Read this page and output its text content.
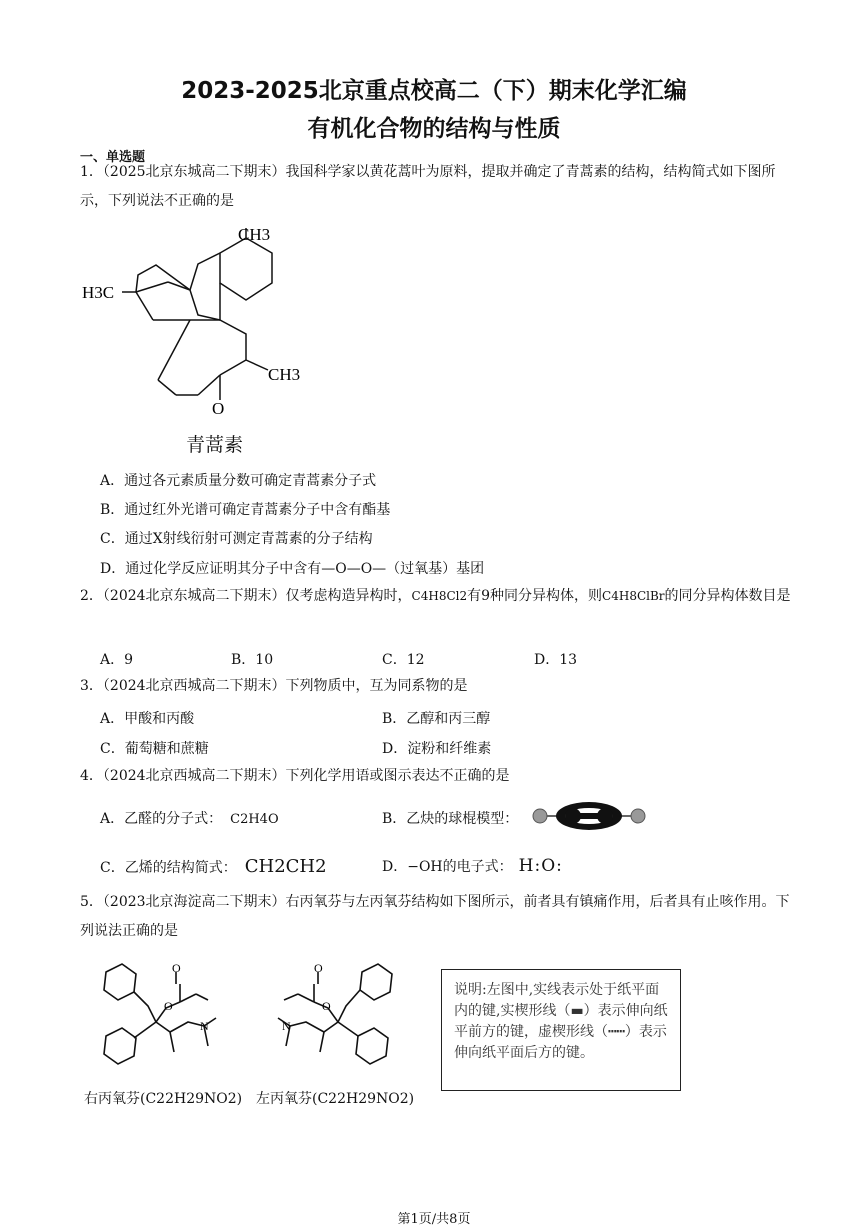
2023-2025北京重点校高二（下）期末化学汇编
有机化合物的结构与性质
一、单选题
1．（2025北京东城高二下期末）我国科学家以黄花蒿叶为原料，提取并确定了青蒿素的结构，结构简式如下图所示，下列说法不正确的是
CH3
H3C
CH3
O
青蒿素
A．通过各元素质量分数可确定青蒿素分子式
B．通过红外光谱可确定青蒿素分子中含有酯基
C．通过X射线衍射可测定青蒿素的分子结构
D．通过化学反应证明其分子中含有—O—O—（过氧基）基团
2．（2024北京东城高二下期末）仅考虑构造异构时，C4H8Cl2有9种同分异构体，则C4H8ClBr的同分异构体数目是
A．9	B．10	C．12	D．13
3．（2024北京西城高二下期末）下列物质中，互为同系物的是
A．甲酸和丙酸	B．乙醇和丙三醇
C．葡萄糖和蔗糖	D．淀粉和纤维素
4．（2024北京西城高二下期末）下列化学用语或图示表达不正确的是
A．乙醛的分子式： C2H4O	B．乙炔的球棍模型：
C．乙烯的结构简式： CH2CH2	D．−OH的电子式： H:O:
5．（2023北京海淀高二下期末）右丙氧芬与左丙氧芬结构如下图所示，前者具有镇痛作用，后者具有止咳作用。下列说法正确的是
O
O
N
O
O
N
右丙氧芬(C22H29NO2) 左丙氧芬(C22H29NO2)
说明:左图中,实线表示处于纸平面内的键,实楔形线（▬）表示伸向纸平前方的键，虚楔形线（┅┅）表示伸向纸平面后方的键。
第1页/共8页
